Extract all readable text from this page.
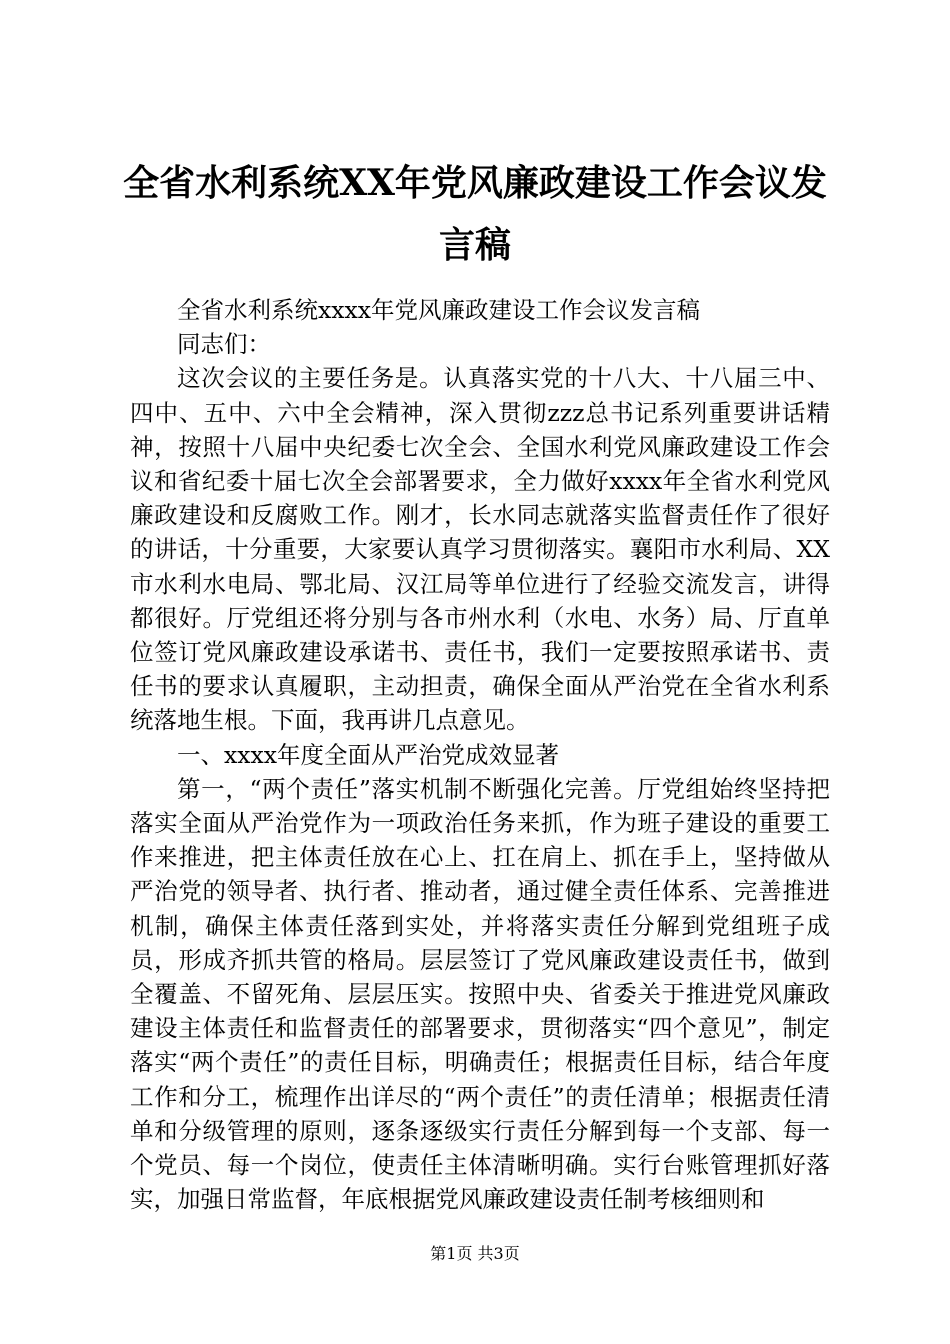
全省水利系统XX年党风廉政建设工作会议发言稿

全省水利系统xxxx年党风廉政建设工作会议发言稿

同志们：

这次会议的主要任务是。认真落实党的十八大、十八届三中、四中、五中、六中全会精神，深入贯彻zzz总书记系列重要讲话精神，按照十八届中央纪委七次全会、全国水利党风廉政建设工作会议和省纪委十届七次全会部署要求，全力做好xxxx年全省水利党风廉政建设和反腐败工作。刚才，长水同志就落实监督责任作了很好的讲话，十分重要，大家要认真学习贯彻落实。襄阳市水利局、XX市水利水电局、鄂北局、汉江局等单位进行了经验交流发言，讲得都很好。厅党组还将分别与各市州水利（水电、水务）局、厅直单位签订党风廉政建设承诺书、责任书，我们一定要按照承诺书、责任书的要求认真履职，主动担责，确保全面从严治党在全省水利系统落地生根。下面，我再讲几点意见。

一、xxxx年度全面从严治党成效显著

第一，“两个责任”落实机制不断强化完善。厅党组始终坚持把落实全面从严治党作为一项政治任务来抓，作为班子建设的重要工作来推进，把主体责任放在心上、扛在肩上、抓在手上，坚持做从严治党的领导者、执行者、推动者，通过健全责任体系、完善推进机制，确保主体责任落到实处，并将落实责任分解到党组班子成员，形成齐抓共管的格局。层层签订了党风廉政建设责任书，做到全覆盖、不留死角、层层压实。按照中央、省委关于推进党风廉政建设主体责任和监督责任的部署要求，贯彻落实“四个意见”，制定落实“两个责任”的责任目标，明确责任；根据责任目标，结合年度工作和分工，梳理作出详尽的“两个责任”的责任清单；根据责任清单和分级管理的原则，逐条逐级实行责任分解到每一个支部、每一个党员、每一个岗位，使责任主体清晰明确。实行台账管理抓好落实，加强日常监督，年底根据党风廉政建设责任制考核细则和

第1页 共3页
